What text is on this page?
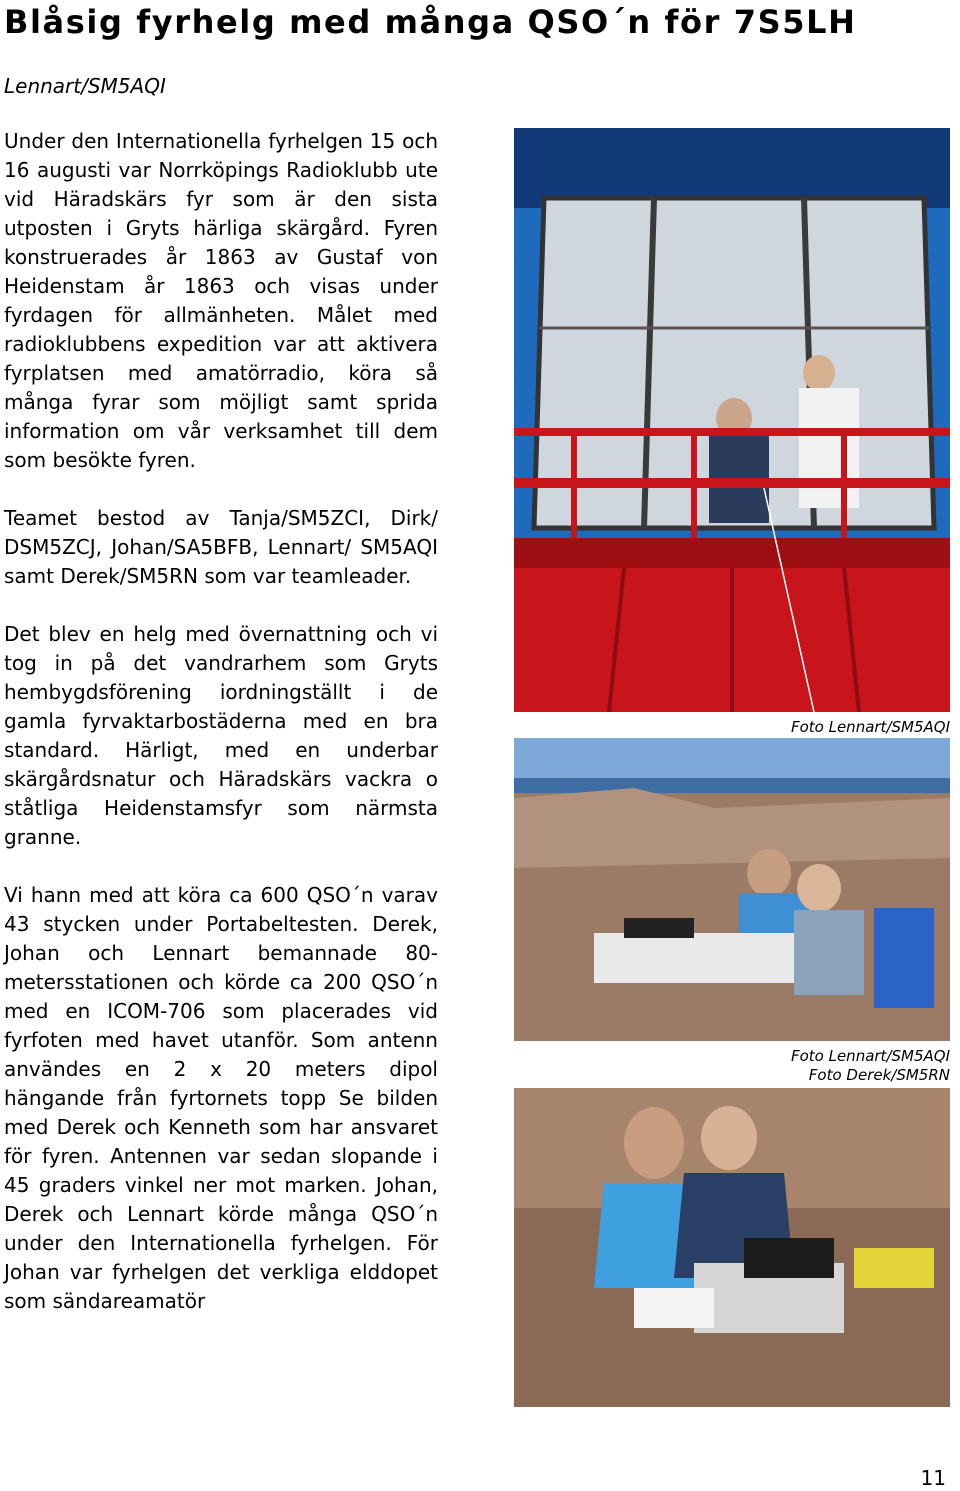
Blåsig fyrhelg med många QSO´n för 7S5LH
Lennart/SM5AQI

Under den Internationella fyrhelgen 15 och 16 augusti var Norrköpings Radioklubb ute vid Häradskärs fyr som är den sista utposten i Gryts härliga skärgård. Fyren konstruerades år 1863 av Gustaf von Heidenstam år 1863 och visas under fyrdagen för allmänheten. Målet med radioklubbens expedition var att aktivera fyrplatsen med amatörradio, köra så många fyrar som möjligt samt sprida information om vår verksamhet till dem som besökte fyren.

Teamet bestod av Tanja/SM5ZCI, Dirk/ DSM5ZCJ, Johan/SA5BFB, Lennart/ SM5AQI samt Derek/SM5RN som var teamleader.

Det blev en helg med övernattning och vi tog in på det vandrarhem som Gryts hembygdsförening iordningställt i de gamla fyrvaktarbostäderna med en bra standard. Härligt, med en underbar skärgårdsnatur och Häradskärs vackra o ståtliga Heidenstamsfyr som närmsta granne.

Vi hann med att köra ca 600 QSO´n varav 43 stycken under Portabeltesten. Derek, Johan och Lennart bemannade 80-metersstationen och körde ca 200 QSO´n med en ICOM-706 som placerades vid fyrfoten med havet utanför. Som antenn användes en 2 x 20 meters dipol hängande från fyrtornets topp Se bilden med Derek och Kenneth som har ansvaret för fyren. Antennen var sedan slopande i 45 graders vinkel ner mot marken. Johan, Derek och Lennart körde många QSO´n under den Internationella fyrhelgen. För Johan var fyrhelgen det verkliga elddopet som sändareamatör

Foto Lennart/SM5AQI
Foto Lennart/SM5AQI
Foto Derek/SM5RN
11
